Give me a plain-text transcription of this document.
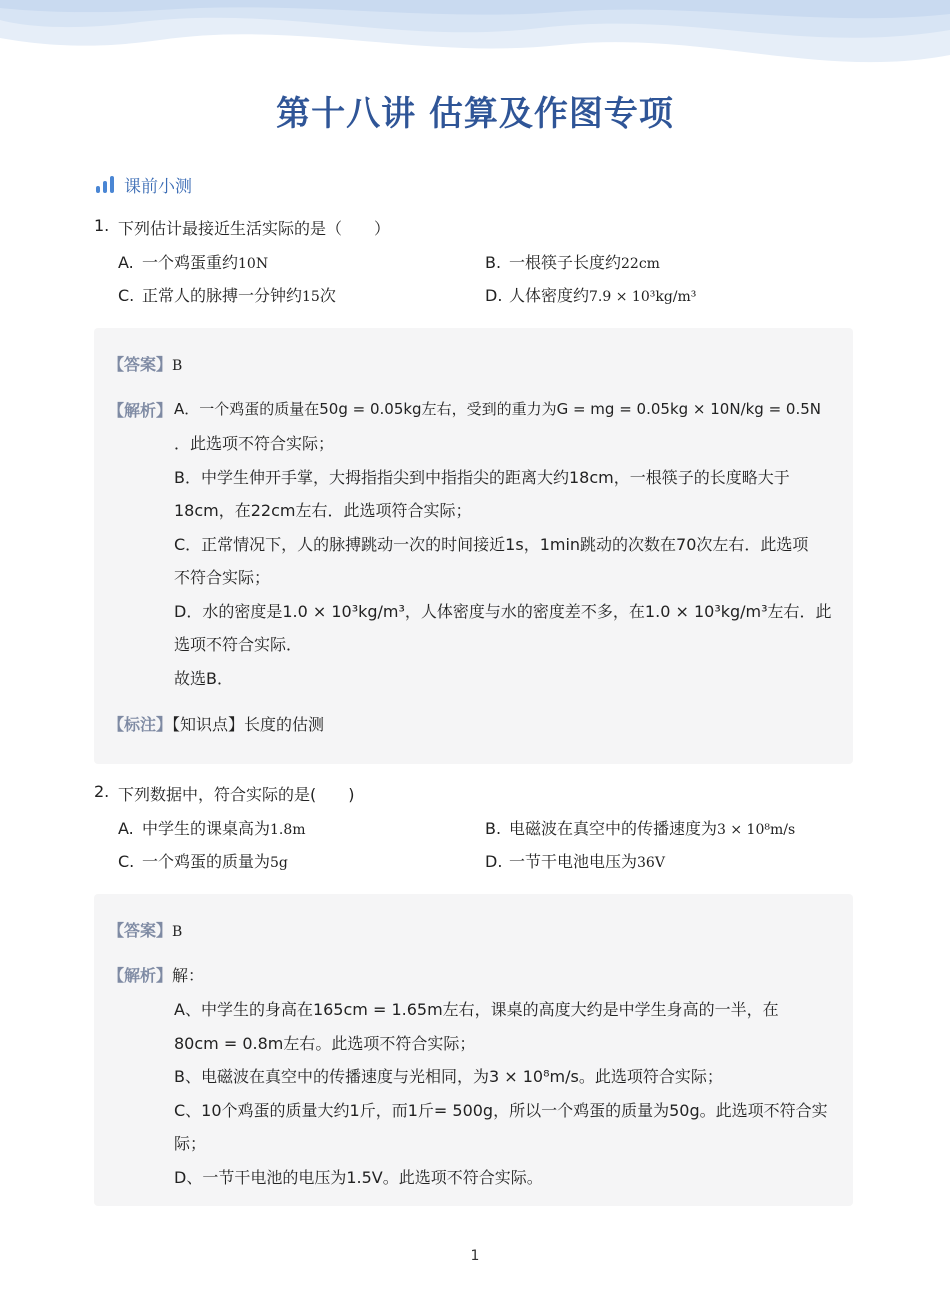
第十八讲 估算及作图专项
课前小测
1. 下列估计最接近生活实际的是（　　）
A. 一个鸡蛋重约10N	B. 一根筷子长度约22cm
C. 正常人的脉搏一分钟约15次	D. 人体密度约7.9 × 10³kg/m³
【答案】B
【解析】 A．一个鸡蛋的质量在50g = 0.05kg左右，受到的重力为G = mg = 0.05kg × 10N/kg = 0.5N
．此选项不符合实际；
B．中学生伸开手掌，大拇指指尖到中指指尖的距离大约18cm，一根筷子的长度略大于
18cm，在22cm左右．此选项符合实际；
C．正常情况下，人的脉搏跳动一次的时间接近1s，1min跳动的次数在70次左右．此选项
不符合实际；
D．水的密度是1.0 × 10³kg/m³，人体密度与水的密度差不多，在1.0 × 10³kg/m³左右．此
选项不符合实际．
故选B．
【标注】【知识点】长度的估测
2. 下列数据中，符合实际的是(　　)
A. 中学生的课桌高为1.8m	B. 电磁波在真空中的传播速度为3 × 10⁸m/s
C. 一个鸡蛋的质量为5g	D. 一节干电池电压为36V
【答案】B
【解析】解：
A、中学生的身高在165cm = 1.65m左右，课桌的高度大约是中学生身高的一半，在
80cm = 0.8m左右。此选项不符合实际；
B、电磁波在真空中的传播速度与光相同，为3 × 10⁸m/s。此选项符合实际；
C、10个鸡蛋的质量大约1斤，而1斤= 500g，所以一个鸡蛋的质量为50g。此选项不符合实
际；
D、一节干电池的电压为1.5V。此选项不符合实际。
1
